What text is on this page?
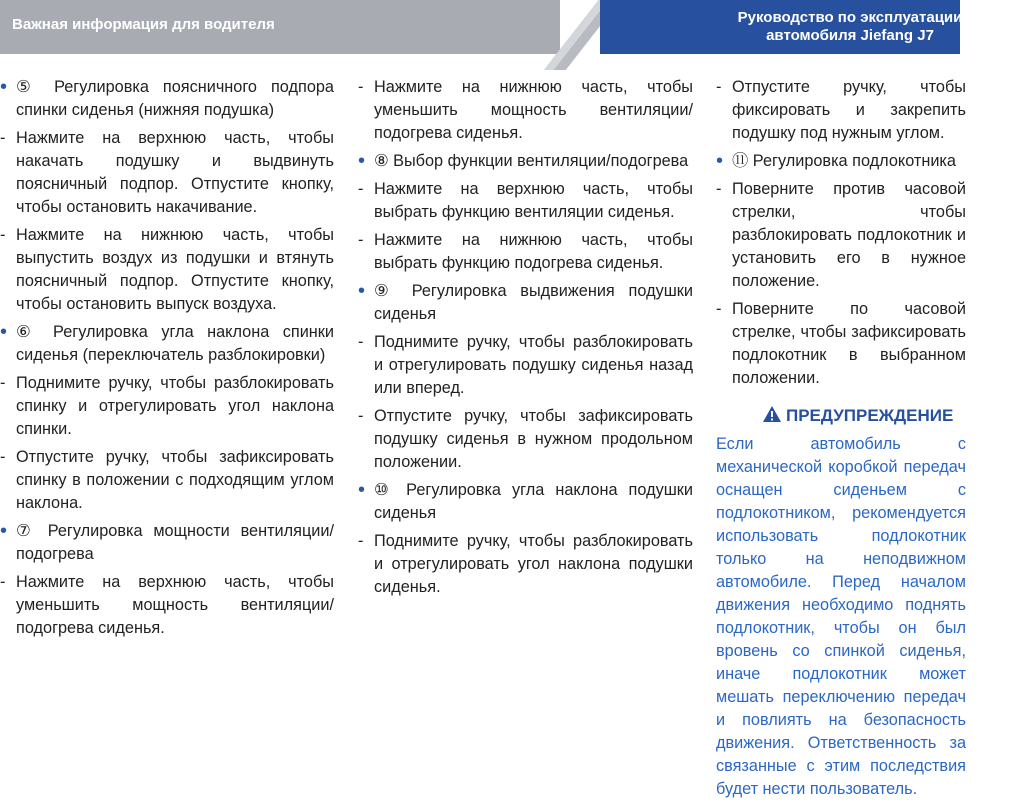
Важная информация для водителя	Руководство по эксплуатации
автомобиля Jiefang J7
• ⑤ Регулировка поясничного подпора спинки сиденья (нижняя подушка)
- Нажмите на верхнюю часть, чтобы накачать подушку и выдвинуть поясничный подпор. Отпустите кнопку, чтобы остановить накачивание.
- Нажмите на нижнюю часть, чтобы выпустить воздух из подушки и втянуть поясничный подпор. Отпустите кнопку, чтобы остановить выпуск воздуха.
• ⑥ Регулировка угла наклона спинки сиденья (переключатель разблокировки)
- Поднимите ручку, чтобы разблокировать спинку и отрегулировать угол наклона спинки.
- Отпустите ручку, чтобы зафиксировать спинку в положении с подходящим углом наклона.
• ⑦ Регулировка мощности вентиляции/подогрева
- Нажмите на верхнюю часть, чтобы уменьшить мощность вентиляции/подогрева сиденья.
- Нажмите на нижнюю часть, чтобы уменьшить мощность вентиляции/подогрева сиденья.
• ⑧ Выбор функции вентиляции/подогрева
- Нажмите на верхнюю часть, чтобы выбрать функцию вентиляции сиденья.
- Нажмите на нижнюю часть, чтобы выбрать функцию подогрева сиденья.
• ⑨ Регулировка выдвижения подушки сиденья
- Поднимите ручку, чтобы разблокировать и отрегулировать подушку сиденья назад или вперед.
- Отпустите ручку, чтобы зафиксировать подушку сиденья в нужном продольном положении.
• ⑩ Регулировка угла наклона подушки сиденья
- Поднимите ручку, чтобы разблокировать и отрегулировать угол наклона подушки сиденья.
- Отпустите ручку, чтобы фиксировать и закрепить подушку под нужным углом.
• ⑪ Регулировка подлокотника
- Поверните против часовой стрелки, чтобы разблокировать подлокотник и установить его в нужное положение.
- Поверните по часовой стрелке, чтобы зафиксировать подлокотник в выбранном положении.
ПРЕДУПРЕЖДЕНИЕ
Если автомобиль с механической коробкой передач оснащен сиденьем с подлокотником, рекомендуется использовать подлокотник только на неподвижном автомобиле. Перед началом движения необходимо поднять подлокотник, чтобы он был вровень со спинкой сиденья, иначе подлокотник может мешать переключению передач и повлиять на безопасность движения. Ответственность за связанные с этим последствия будет нести пользователь.
